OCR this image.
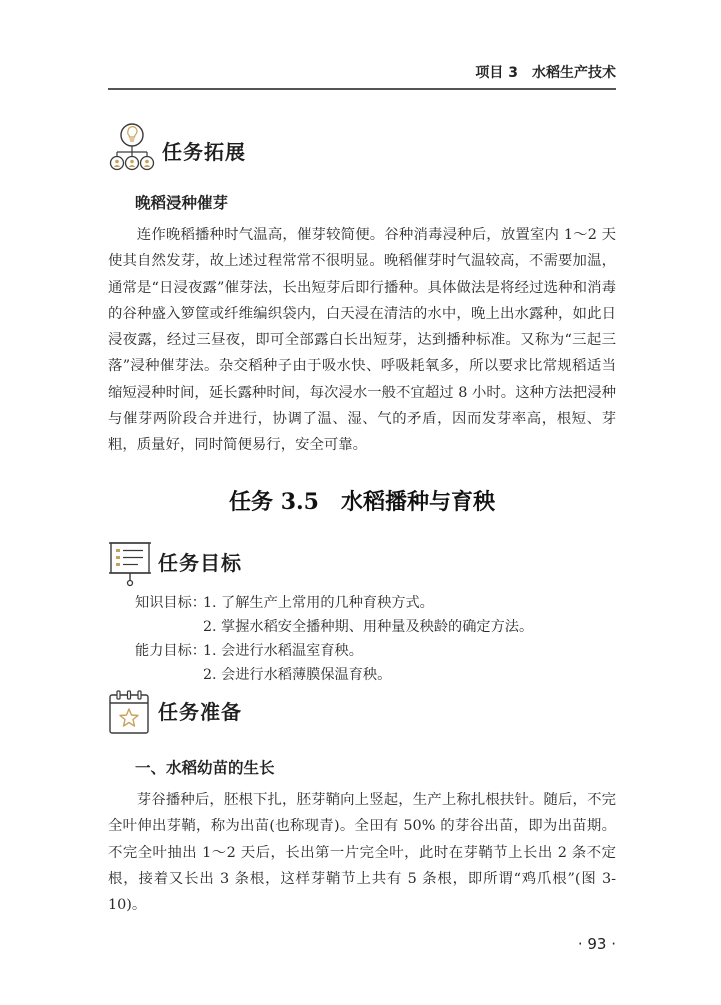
项目 3　水稻生产技术
任务拓展
晚稻浸种催芽

连作晚稻播种时气温高，催芽较简便。谷种消毒浸种后，放置室内 1～2 天使其自然发芽，故上述过程常常不很明显。晚稻催芽时气温较高，不需要加温，通常是“日浸夜露”催芽法，长出短芽后即行播种。具体做法是将经过选种和消毒的谷种盛入箩筐或纤维编织袋内，白天浸在清洁的水中，晚上出水露种，如此日浸夜露，经过三昼夜，即可全部露白长出短芽，达到播种标准。又称为“三起三落”浸种催芽法。杂交稻种子由于吸水快、呼吸耗氧多，所以要求比常规稻适当缩短浸种时间，延长露种时间，每次浸水一般不宜超过 8 小时。这种方法把浸种与催芽两阶段合并进行，协调了温、湿、气的矛盾，因而发芽率高，根短、芽粗，质量好，同时简便易行，安全可靠。

任务 3.5　水稻播种与育秧
任务目标
知识目标：
1. 了解生产上常用的几种育秧方式。
2. 掌握水稻安全播种期、用种量及秧龄的确定方法。
能力目标：
1. 会进行水稻温室育秧。
2. 会进行水稻薄膜保温育秧。
任务准备
一、水稻幼苗的生长

芽谷播种后，胚根下扎，胚芽鞘向上竖起，生产上称扎根扶针。随后，不完全叶伸出芽鞘，称为出苗(也称现青)。全田有 50% 的芽谷出苗，即为出苗期。不完全叶抽出 1～2 天后，长出第一片完全叶，此时在芽鞘节上长出 2 条不定根，接着又长出 3 条根，这样芽鞘节上共有 5 条根，即所谓“鸡爪根”(图 3-10)。

· 93 ·
